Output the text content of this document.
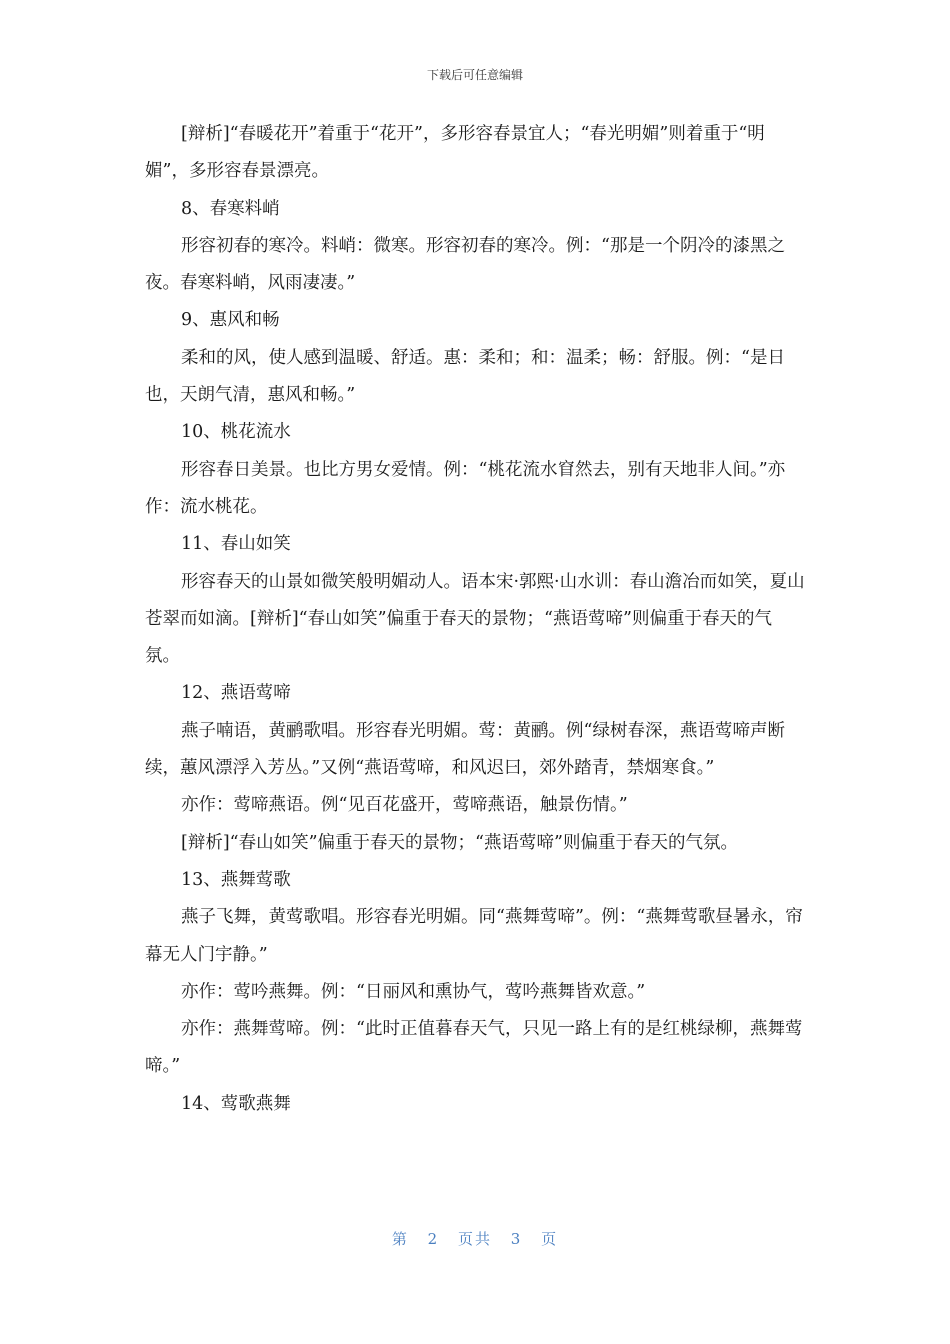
下载后可任意编辑

[辩析]“春暖花开”着重于“花开”，多形容春景宜人；“春光明媚”则着重于“明媚”，多形容春景漂亮。

8、春寒料峭

形容初春的寒冷。料峭：微寒。形容初春的寒冷。例：“那是一个阴冷的漆黑之夜。春寒料峭，风雨凄凄。”

9、惠风和畅

柔和的风，使人感到温暖、舒适。惠：柔和；和：温柔；畅：舒服。例：“是日也，天朗气清，惠风和畅。”

10、桃花流水

形容春日美景。也比方男女爱情。例：“桃花流水窅然去，别有天地非人间。”亦作：流水桃花。

11、春山如笑

形容春天的山景如微笑般明媚动人。语本宋·郭熙·山水训：春山澹冶而如笑，夏山苍翠而如滴。[辩析]“春山如笑”偏重于春天的景物；“燕语莺啼”则偏重于春天的气氛。

12、燕语莺啼

燕子喃语，黄鹂歌唱。形容春光明媚。莺：黄鹂。例“绿树春深，燕语莺啼声断续，蕙风漂浮入芳丛。”又例“燕语莺啼，和风迟曰，郊外踏青，禁烟寒食。”

亦作：莺啼燕语。例“见百花盛开，莺啼燕语，触景伤情。”

[辩析]“春山如笑”偏重于春天的景物；“燕语莺啼”则偏重于春天的气氛。

13、燕舞莺歌

燕子飞舞，黄莺歌唱。形容春光明媚。同“燕舞莺啼”。例：“燕舞莺歌昼暑永，帘幕无人门宇静。”

亦作：莺吟燕舞。例：“日丽风和熏协气，莺吟燕舞皆欢意。”

亦作：燕舞莺啼。例：“此时正值暮春天气，只见一路上有的是红桃绿柳，燕舞莺啼。”

14、莺歌燕舞

第 2 页共 3 页
